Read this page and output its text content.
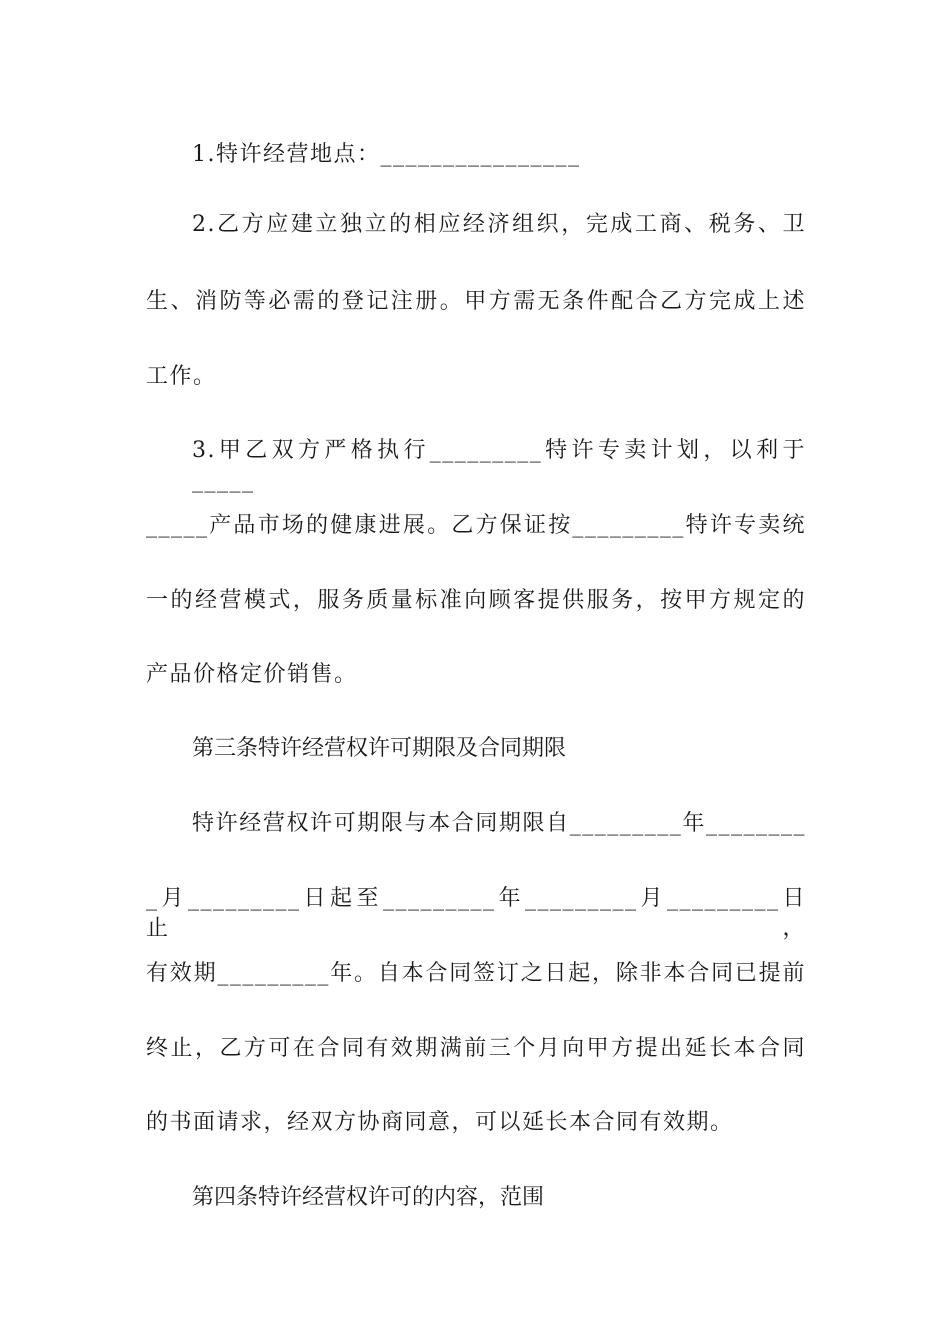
1.特许经营地点：________________
2.乙方应建立独立的相应经济组织，完成工商、税务、卫
生、消防等必需的登记注册。甲方需无条件配合乙方完成上述
工作。
3.甲乙双方严格执行_________特许专卖计划，以利于_____
_____产品市场的健康进展。乙方保证按_________特许专卖统
一的经营模式，服务质量标准向顾客提供服务，按甲方规定的
产品价格定价销售。
第三条特许经营权许可期限及合同期限
特许经营权许可期限与本合同期限自_________年________
_月_________日起至_________年_________月_________日止，
有效期_________年。自本合同签订之日起，除非本合同已提前
终止，乙方可在合同有效期满前三个月向甲方提出延长本合同
的书面请求，经双方协商同意，可以延长本合同有效期。
第四条特许经营权许可的内容，范围
